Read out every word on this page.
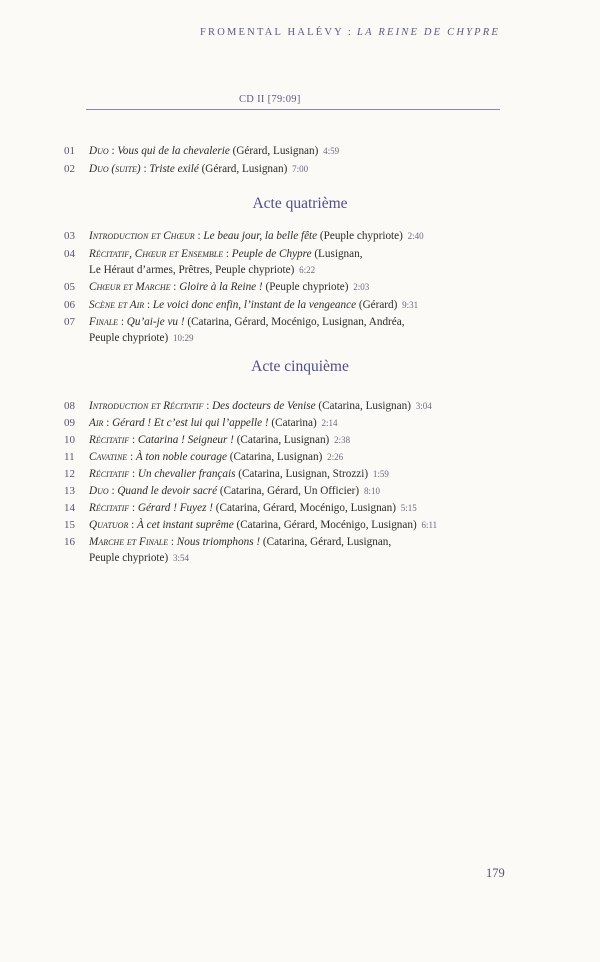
FROMENTAL HALÉVY : LA REINE DE CHYPRE
CD II [79:09]
01 Duo : Vous qui de la chevalerie (Gérard, Lusignan) 4:59
02 Duo (suite) : Triste exilé (Gérard, Lusignan) 7:00
Acte quatrième
03 Introduction et Chœur : Le beau jour, la belle fête (Peuple chypriote) 2:40
04 Récitatif, Chœur et Ensemble : Peuple de Chypre (Lusignan,
Le Héraut d’armes, Prêtres, Peuple chypriote) 6:22
05 Chœur et Marche : Gloire à la Reine ! (Peuple chypriote) 2:03
06 Scène et Air : Le voici donc enfin, l’instant de la vengeance (Gérard) 9:31
07 Finale : Qu’ai-je vu ! (Catarina, Gérard, Mocénigo, Lusignan, Andréa,
Peuple chypriote) 10:29
Acte cinquième
08 Introduction et Récitatif : Des docteurs de Venise (Catarina, Lusignan) 3:04
09 Air : Gérard ! Et c’est lui qui l’appelle ! (Catarina) 2:14
10 Récitatif : Catarina ! Seigneur ! (Catarina, Lusignan) 2:38
11 Cavatine : À ton noble courage (Catarina, Lusignan) 2:26
12 Récitatif : Un chevalier français (Catarina, Lusignan, Strozzi) 1:59
13 Duo : Quand le devoir sacré (Catarina, Gérard, Un Officier) 8:10
14 Récitatif : Gérard ! Fuyez ! (Catarina, Gérard, Mocénigo, Lusignan) 5:15
15 Quatuor : À cet instant suprême (Catarina, Gérard, Mocénigo, Lusignan) 6:11
16 Marche et Finale : Nous triomphons ! (Catarina, Gérard, Lusignan,
Peuple chypriote) 3:54
179
